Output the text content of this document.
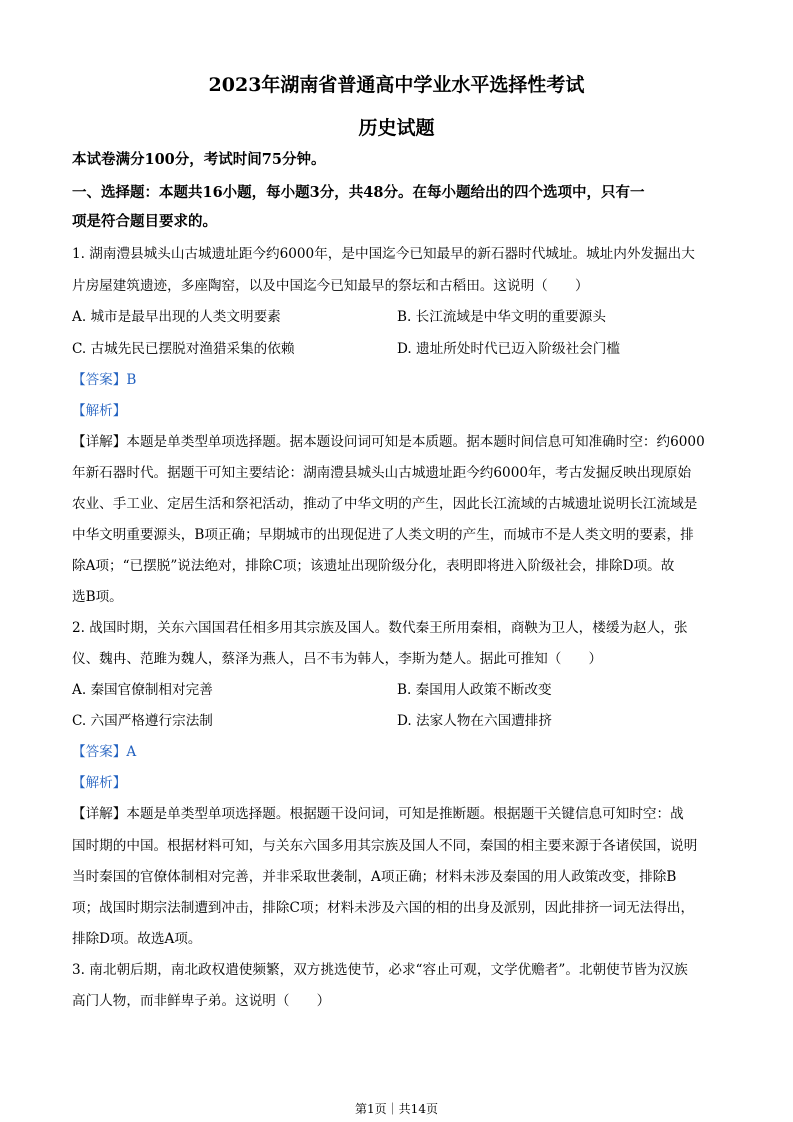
2023年湖南省普通高中学业水平选择性考试
历史试题
本试卷满分100分，考试时间75分钟。
一、选择题：本题共16小题，每小题3分，共48分。在每小题给出的四个选项中，只有一
项是符合题目要求的。
1. 湖南澧县城头山古城遗址距今约6000年，是中国迄今已知最早的新石器时代城址。城址内外发掘出大
片房屋建筑遗迹，多座陶窑，以及中国迄今已知最早的祭坛和古稻田。这说明（　　）
A. 城市是最早出现的人类文明要素	B. 长江流域是中华文明的重要源头
C. 古城先民已摆脱对渔猎采集的依赖	D. 遗址所处时代已迈入阶级社会门槛
【答案】B
【解析】
【详解】本题是单类型单项选择题。据本题设问词可知是本质题。据本题时间信息可知准确时空：约6000
年新石器时代。据题干可知主要结论：湖南澧县城头山古城遗址距今约6000年，考古发掘反映出现原始
农业、手工业、定居生活和祭祀活动，推动了中华文明的产生，因此长江流域的古城遗址说明长江流域是
中华文明重要源头，B项正确；早期城市的出现促进了人类文明的产生，而城市不是人类文明的要素，排
除A项；“已摆脱”说法绝对，排除C项；该遗址出现阶级分化，表明即将进入阶级社会，排除D项。故
选B项。
2. 战国时期，关东六国国君任相多用其宗族及国人。数代秦王所用秦相，商鞅为卫人，楼缓为赵人，张
仪、魏冉、范雎为魏人，蔡泽为燕人，吕不韦为韩人，李斯为楚人。据此可推知（　　）
A. 秦国官僚制相对完善	B. 秦国用人政策不断改变
C. 六国严格遵行宗法制	D. 法家人物在六国遭排挤
【答案】A
【解析】
【详解】本题是单类型单项选择题。根据题干设问词，可知是推断题。根据题干关键信息可知时空：战
国时期的中国。根据材料可知，与关东六国多用其宗族及国人不同，秦国的相主要来源于各诸侯国，说明
当时秦国的官僚体制相对完善，并非采取世袭制，A项正确；材料未涉及秦国的用人政策改变，排除B
项；战国时期宗法制遭到冲击，排除C项；材料未涉及六国的相的出身及派别，因此排挤一词无法得出，
排除D项。故选A项。
3. 南北朝后期，南北政权遣使频繁，双方挑选使节，必求“容止可观，文学优赡者”。北朝使节皆为汉族
高门人物，而非鲜卑子弟。这说明（　　）
第1页｜共14页
